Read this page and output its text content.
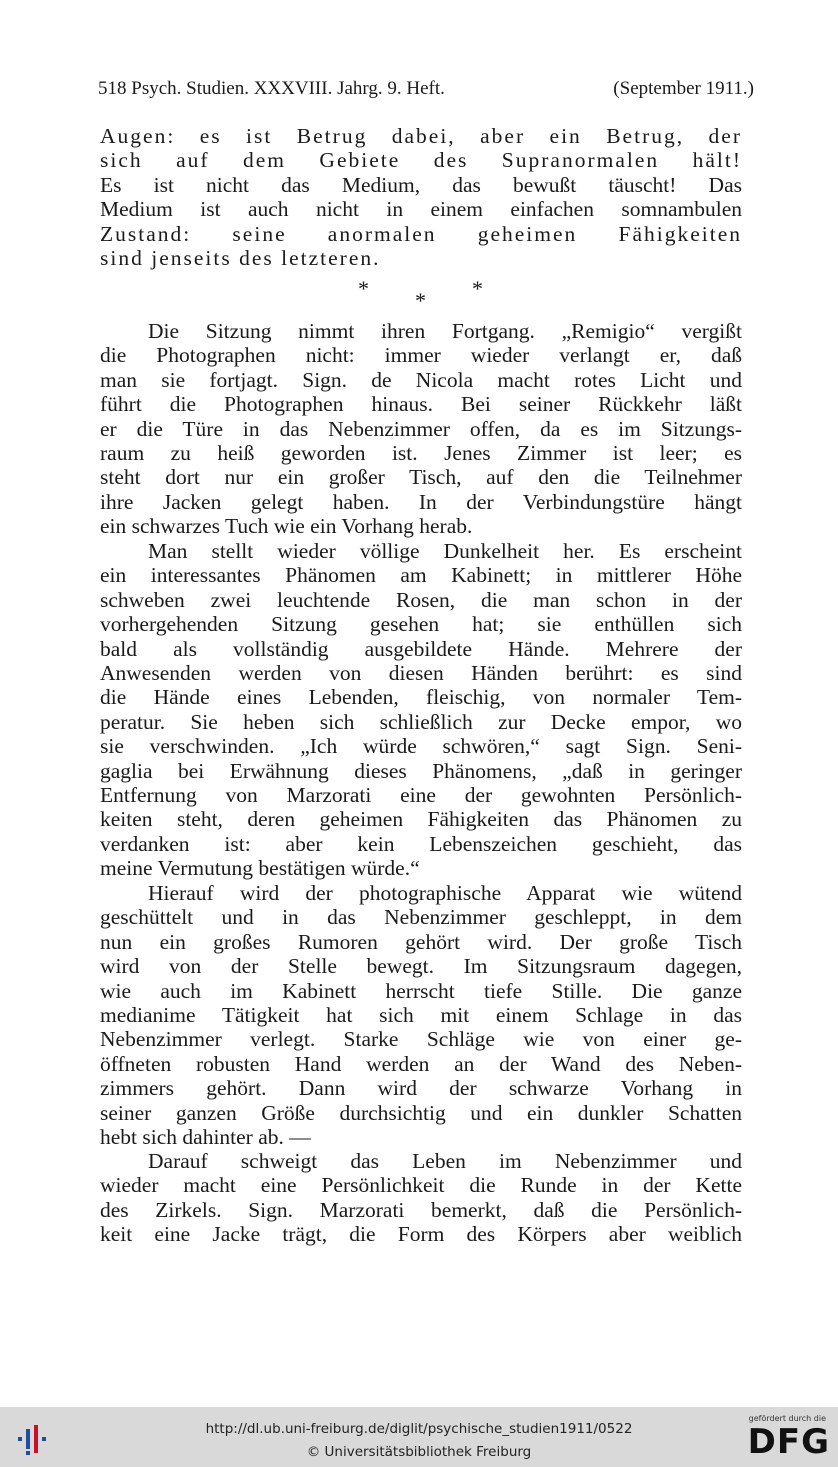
518 Psych. Studien. XXXVIII. Jahrg. 9. Heft.	(September 1911.)
Augen: es ist Betrug dabei, aber ein Betrug, der
sich auf dem Gebiete des Supranormalen hält!
Es ist nicht das Medium, das bewußt täuscht! Das
Medium ist auch nicht in einem einfachen somnambulen
Zustand: seine anormalen geheimen Fähigkeiten
sind jenseits des letzteren.
* * *
Die Sitzung nimmt ihren Fortgang. „Remigio“ vergißt
die Photographen nicht: immer wieder verlangt er, daß
man sie fortjagt. Sign. de Nicola macht rotes Licht und
führt die Photographen hinaus. Bei seiner Rückkehr läßt
er die Türe in das Nebenzimmer offen, da es im Sitzungs-
raum zu heiß geworden ist. Jenes Zimmer ist leer; es
steht dort nur ein großer Tisch, auf den die Teilnehmer
ihre Jacken gelegt haben. In der Verbindungstüre hängt
ein schwarzes Tuch wie ein Vorhang herab.
Man stellt wieder völlige Dunkelheit her. Es erscheint
ein interessantes Phänomen am Kabinett; in mittlerer Höhe
schweben zwei leuchtende Rosen, die man schon in der
vorhergehenden Sitzung gesehen hat; sie enthüllen sich
bald als vollständig ausgebildete Hände. Mehrere der
Anwesenden werden von diesen Händen berührt: es sind
die Hände eines Lebenden, fleischig, von normaler Tem-
peratur. Sie heben sich schließlich zur Decke empor, wo
sie verschwinden. „Ich würde schwören,“ sagt Sign. Seni-
gaglia bei Erwähnung dieses Phänomens, „daß in geringer
Entfernung von Marzorati eine der gewohnten Persönlich-
keiten steht, deren geheimen Fähigkeiten das Phänomen zu
verdanken ist: aber kein Lebenszeichen geschieht, das
meine Vermutung bestätigen würde.“
Hierauf wird der photographische Apparat wie wütend
geschüttelt und in das Nebenzimmer geschleppt, in dem
nun ein großes Rumoren gehört wird. Der große Tisch
wird von der Stelle bewegt. Im Sitzungsraum dagegen,
wie auch im Kabinett herrscht tiefe Stille. Die ganze
medianime Tätigkeit hat sich mit einem Schlage in das
Nebenzimmer verlegt. Starke Schläge wie von einer ge-
öffneten robusten Hand werden an der Wand des Neben-
zimmers gehört. Dann wird der schwarze Vorhang in
seiner ganzen Größe durchsichtig und ein dunkler Schatten
hebt sich dahinter ab. —
Darauf schweigt das Leben im Nebenzimmer und
wieder macht eine Persönlichkeit die Runde in der Kette
des Zirkels. Sign. Marzorati bemerkt, daß die Persönlich-
keit eine Jacke trägt, die Form des Körpers aber weiblich
http://dl.ub.uni-freiburg.de/diglit/psychische_studien1911/0522
© Universitätsbibliothek Freiburg
gefördert durch die
DFG
